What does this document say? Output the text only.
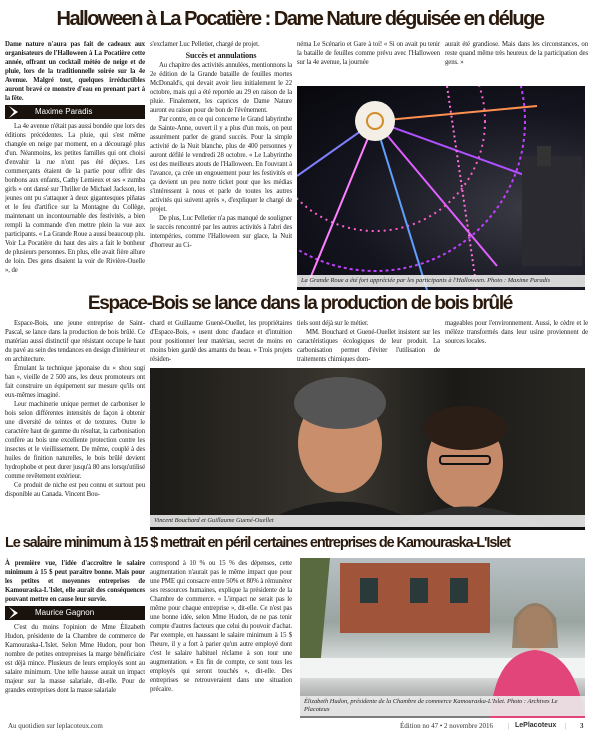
Halloween à La Pocatière : Dame Nature déguisée en déluge

Dame nature n'aura pas fait de cadeaux aux organisateurs de l'Halloween à La Pocatière cette année, offrant un cocktail météo de neige et de pluie, lors de la traditionnelle soirée sur la 4e Avenue. Malgré tout, quelques irréductibles auront bravé ce monstre d'eau en prenant part à la fête.

Maxime Paradis

La 4e avenue n'était pas aussi bondée que lors des éditions précédentes. La pluie, qui s'est même changée en neige par moment, en a découragé plus d'un. Néanmoins, les petites familles qui ont choisi d'envahir la rue n'ont pas été déçues. Les commerçants étaient de la partie pour offrir des bonbons aux enfants, Cathy Lemieux et ses « zumba girls » ont dansé sur Thriller de Michael Jackson, les jeunes ont pu s'attaquer à deux gigantesques piñatas et le feu d'artifice sur la Montagne du Collège, maintenant un incontournable des festivités, a bien rempli la commande d'en mettre plein la vue aux participants. « La Grande Roue a aussi beaucoup plu. Voir La Pocatière du haut des airs a fait le bonheur de plusieurs personnes. En plus, elle avait fière allure de loin. Des gens disaient la voir de Rivière-Ouelle », de

s'exclamer Luc Pelletier, chargé de projet.

Succès et annulations

Au chapitre des activités annulées, mentionnons la 2e édition de la Grande bataille de feuilles mortes McDonald's, qui devait avoir lieu initialement le 22 octobre, mais qui a été reportée au 29 en raison de la pluie. Finalement, les caprices de Dame Nature auront eu raison pour de bon de l'évènement.

Par contre, en ce qui concerne le Grand labyrinthe de Sainte-Anne, ouvert il y a plus d'un mois, on peut assurément parler de grand succès. Pour la simple activité de la Nuit blanche, plus de 400 personnes y auront défilé le vendredi 28 octobre. « Le Labyrinthe est des meilleurs atouts de l'Halloween. En l'ouvrant à l'avance, ça crée un engouement pour les festivités et ça devient un peu notre ticket pour que les médias s'intéressent à nous et parle de toutes les autres activités qui suivent après », d'expliquer le chargé de projet.

De plus, Luc Pelletier n'a pas manqué de souligner le succès rencontré par les autres activités à l'abri des intempéries, comme l'Halloween sur glace, la Nuit d'horreur au Ci-

néma Le Scénario et Gare à toi! « Si on avait pu tenir la bataille de feuilles comme prévu avec l'Halloween sur la 4e avenue, la journée

aurait été grandiose. Mais dans les circonstances, on reste quand même très heureux de la participation des gens. »

La Grande Roue a été fort appréciée par les participants à l'Halloween. Photo : Maxime Paradis
Espace-Bois se lance dans la production de bois brûlé

Espace-Bois, une jeune entreprise de Saint-Pascal, se lance dans la production de bois brûlé. Ce matériau aussi distinctif que résistant occupe le haut du pavé au sein des tendances en design d'intérieur et en architecture.

Émulant la technique japonaise du « shou sugi ban », vieille de 2 500 ans, les deux promoteurs ont fait construire un équipement sur mesure qu'ils ont eux-mêmes imaginé.

Leur machinerie unique permet de carboniser le bois selon différentes intensités de façon à obtenir une diversité de teintes et de textures. Outre le caractère haut de gamme du résultat, la carbonisation confère au bois une excellente protection contre les insectes et le vieillissement. De même, couplé à des huiles de finition naturelles, le bois brûlé devient hydrophobe et peut durer jusqu'à 80 ans lorsqu'utilisé comme revêtement extérieur.

Ce produit de niche est peu connu et surtout peu disponible au Canada. Vincent Bou-

chard et Guillaume Guené-Ouellet, les propriétaires d'Espace-Bois, « usent donc d'audace et d'intuition pour positionner leur matériau, secret de moins en moins bien gardé des amants du beau. » Trois projets résiden-

tiels sont déjà sur le métier.

MM. Bouchard et Guené-Ouellet insistent sur les caractéristiques écologiques de leur produit. La carbonisation permet d'éviter l'utilisation de traitements chimiques dom-

mageables pour l'environnement. Aussi, le cèdre et le mélèze transformés dans leur usine proviennent de sources locales.

Vincent Bouchard et Guillaume Guené-Ouellet
Le salaire minimum à 15 $ mettrait en péril certaines entreprises de Kamouraska-L'Islet

À première vue, l'idée d'accroître le salaire minimum à 15 $ peut paraître bonne. Mais pour les petites et moyennes entreprises de Kamouraska-L'Islet, elle aurait des conséquences pouvant mettre en cause leur survie.

Maurice Gagnon

C'est du moins l'opinion de Mme Élizabeth Hudon, présidente de la Chambre de commerce de Kamouraska-L'Islet. Selon Mme Hudon, pour bon nombre de petites entrepreises la marge bénéficiaire est déjà mince. Plusieurs de leurs employés sont au salaire minimum. Une telle hausse aurait un impact majeur sur la masse salariale, dit-elle. Pour de grandes entreprises dont la masse salariale

correspond à 10 % ou 15 % des dépenses, cette augmentation n'aurait pas le même impact que pour une PME qui consacre entre 50% et 80% à rémunérer ses ressources humaines, explique la présidente de la Chambre de commerce. « L'impact ne serait pas le même pour chaque entreprise », dit-elle. Ce n'est pas une bonne idée, selon Mme Hudon, de ne pas tenir compte d'autres facteurs que celui du pouvoir d'achat. Par exemple, en haussant le salaire minimum à 15 $ l'heure, il y a fort à parier qu'un autre employé dont c'est le salaire habituel réclame à son tour une augmentation. « En fin de compte, ce sont tous les employés qui seront touchés », dit-elle. Des entreprises se retrouveraient dans une situation précaire.

Élizabeth Hudon, présidente de la Chambre de commerce Kamouraska-L'Islet. Photo : Archives Le Placoteux
Au quotidien sur leplacoteux.com	Édition no 47 • 2 novembre 2016 | LePlacoteux | 3
